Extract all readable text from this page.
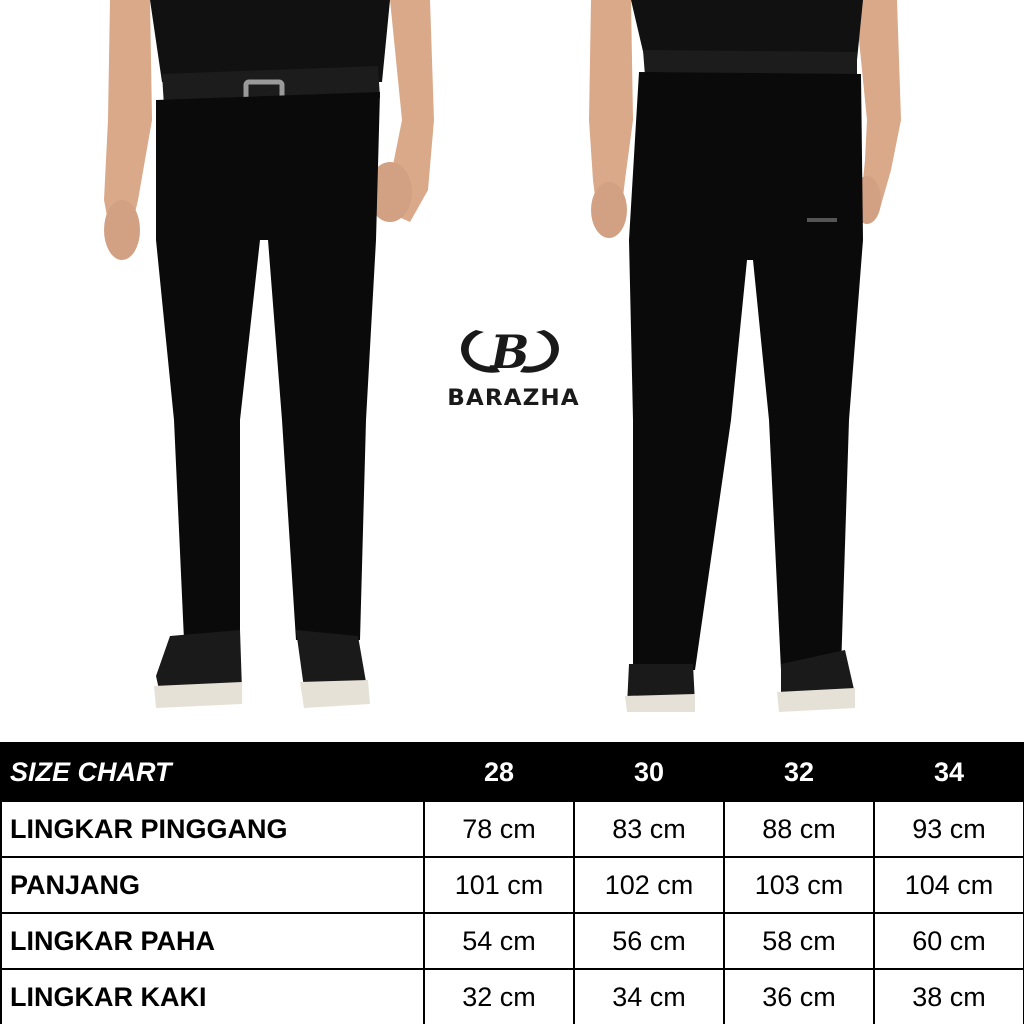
B
BARAZHA
SIZE CHART	28	30	32	34
LINGKAR PINGGANG	78 cm	83 cm	88 cm	93 cm
PANJANG	101 cm	102 cm	103 cm	104 cm
LINGKAR PAHA	54 cm	56 cm	58 cm	60 cm
LINGKAR KAKI	32 cm	34 cm	36 cm	38 cm
